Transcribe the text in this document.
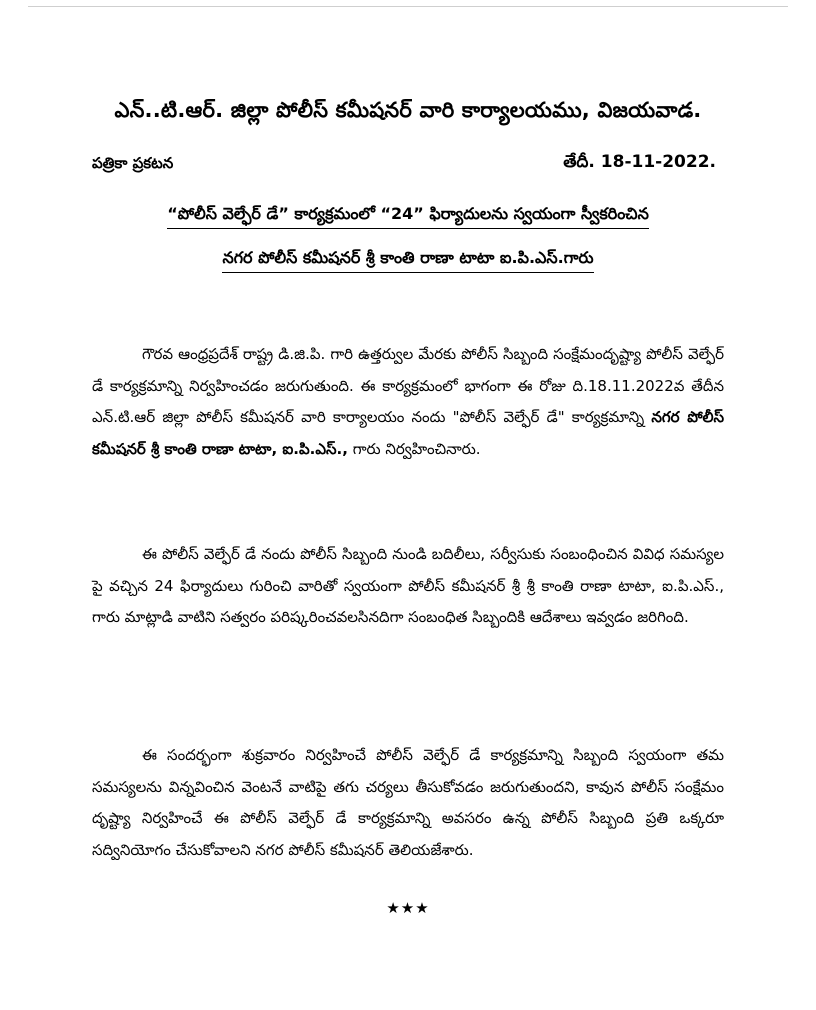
ఎన్..టి.ఆర్. జిల్లా పోలీస్ కమీషనర్ వారి కార్యాలయము, విజయవాడ.
పత్రికా ప్రకటన	తేదీ. 18-11-2022.
“పోలీస్ వెల్ఫేర్ డే” కార్యక్రమంలో “24” ఫిర్యాదులను స్వయంగా స్వీకరించిన
నగర పోలీస్ కమీషనర్ శ్రీ కాంతి రాణా టాటా ఐ.పి.ఎస్.గారు
గౌరవ ఆంధ్రప్రదేశ్ రాష్ట్ర డి.జి.పి. గారి ఉత్తర్వుల మేరకు పోలీస్ సిబ్బంది సంక్షేమందృష్ట్యా పోలీస్ వెల్ఫేర్ డే కార్యక్రమాన్ని నిర్వహించడం జరుగుతుంది. ఈ కార్యక్రమంలో భాగంగా ఈ రోజు ది.18.11.2022వ తేదీన ఎన్.టి.ఆర్ జిల్లా పోలీస్ కమీషనర్ వారి కార్యాలయం నందు "పోలీస్ వెల్ఫేర్ డే" కార్యక్రమాన్ని నగర పోలీస్ కమీషనర్ శ్రీ కాంతి రాణా టాటా, ఐ.పి.ఎస్., గారు నిర్వహించినారు.
ఈ పోలీస్ వెల్ఫేర్ డే నందు పోలీస్ సిబ్బంది నుండి బదిలీలు, సర్వీసుకు సంబంధించిన వివిధ సమస్యల పై వచ్చిన 24 ఫిర్యాదులు గురించి వారితో స్వయంగా పోలీస్ కమీషనర్ శ్రీ శ్రీ కాంతి రాణా టాటా, ఐ.పి.ఎస్., గారు మాట్లాడి వాటిని సత్వరం పరిష్కరించవలసినదిగా సంబంధిత సిబ్బందికి ఆదేశాలు ఇవ్వడం జరిగింది.
ఈ సందర్భంగా శుక్రవారం నిర్వహించే పోలీస్ వెల్ఫేర్ డే కార్యక్రమాన్ని సిబ్బంది స్వయంగా తమ సమస్యలను విన్నవించిన వెంటనే వాటిపై తగు చర్యలు తీసుకోవడం జరుగుతుందని, కావున పోలీస్ సంక్షేమం దృష్ట్యా నిర్వహించే ఈ పోలీస్ వెల్ఫేర్ డే కార్యక్రమాన్ని అవసరం ఉన్న పోలీస్ సిబ్బంది ప్రతి ఒక్కరూ సద్వినియోగం చేసుకోవాలని నగర పోలీస్ కమీషనర్ తెలియజేశారు.
★★★
